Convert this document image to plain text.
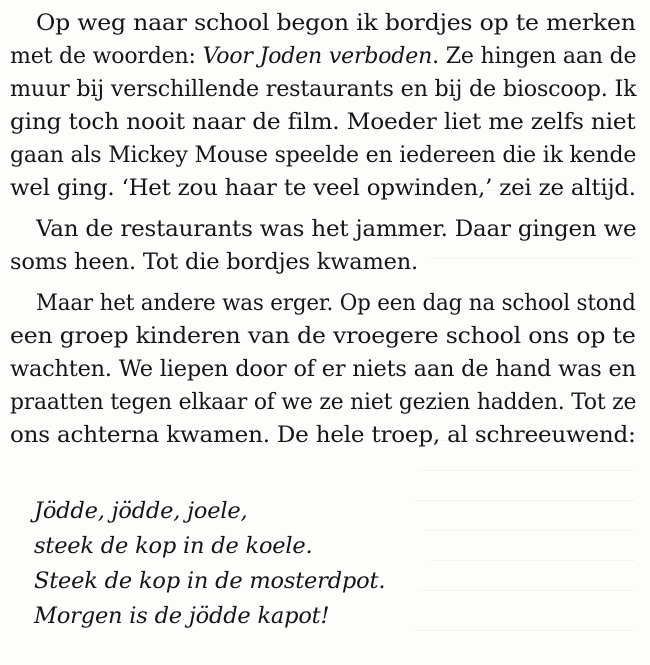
Op weg naar school begon ik bordjes op te merken
met de woorden: Voor Joden verboden. Ze hingen aan de
muur bij verschillende restaurants en bij de bioscoop. Ik
ging toch nooit naar de film. Moeder liet me zelfs niet
gaan als Mickey Mouse speelde en iedereen die ik kende
wel ging. ‘Het zou haar te veel opwinden,’ zei ze altijd.
Van de restaurants was het jammer. Daar gingen we
soms heen. Tot die bordjes kwamen.
Maar het andere was erger. Op een dag na school stond
een groep kinderen van de vroegere school ons op te
wachten. We liepen door of er niets aan de hand was en
praatten tegen elkaar of we ze niet gezien hadden. Tot ze
ons achterna kwamen. De hele troep, al schreeuwend:
Jödde, jödde, joele,
steek de kop in de koele.
Steek de kop in de mosterdpot.
Morgen is de jödde kapot!
